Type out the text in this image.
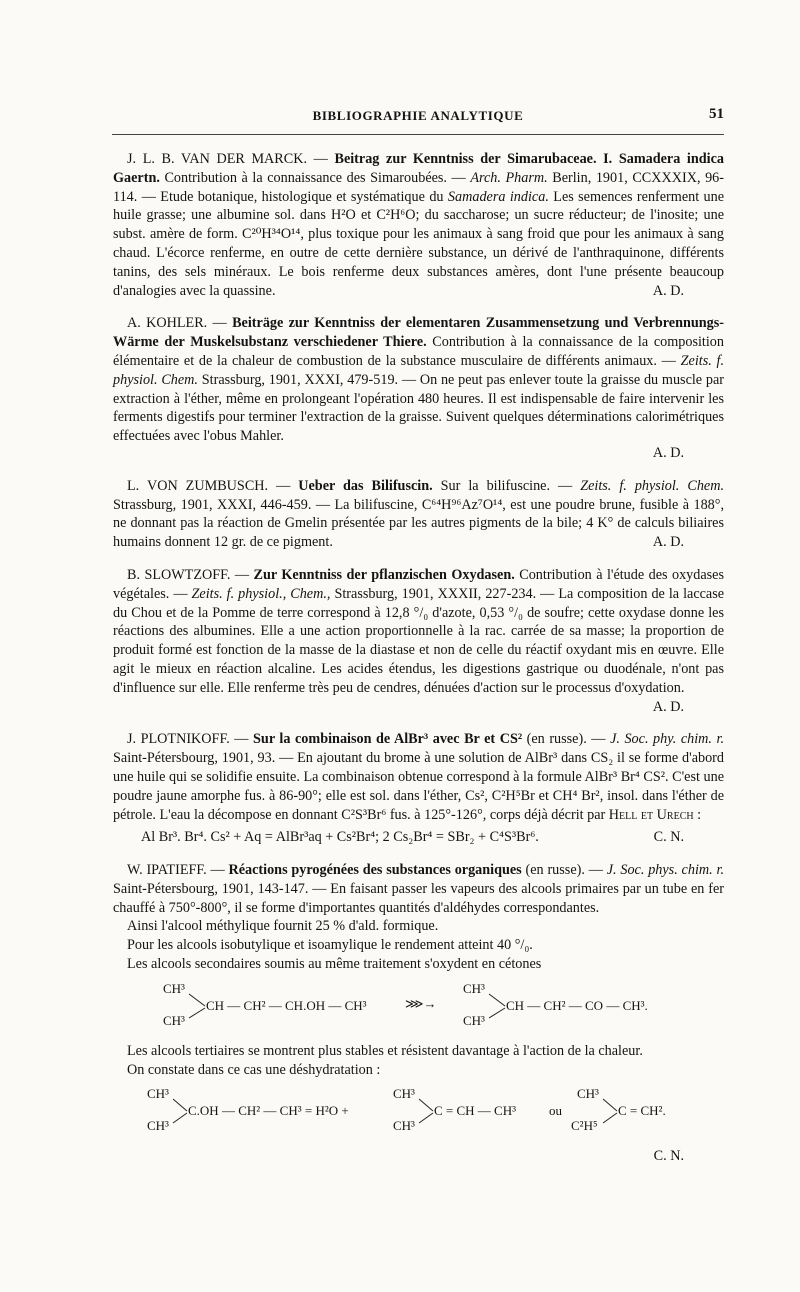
BIBLIOGRAPHIE ANALYTIQUE	51
J. L. B. VAN DER MARCK. — Beitrag zur Kenntniss der Simarubaceae. I. Samadera indica Gaertn. Contribution à la connaissance des Simaroubées. — Arch. Pharm. Berlin, 1901, CCXXXIX, 96-114. — Etude botanique, histologique et systématique du Samadera indica. Les semences renferment une huile grasse; une albumine sol. dans H²O et C²H⁶O; du saccharose; un sucre réducteur; de l'inosite; une subst. amère de form. C²⁰H³⁴O¹⁴, plus toxique pour les animaux à sang froid que pour les animaux à sang chaud. L'écorce renferme, en outre de cette dernière substance, un dérivé de l'anthraquinone, différents tanins, des sels minéraux. Le bois renferme deux substances amères, dont l'une présente beaucoup d'analogies avec la quassine.	A. D.
A. KOHLER. — Beiträge zur Kenntniss der elementaren Zusammensetzung und Verbrennungs-Wärme der Muskelsubstanz verschiedener Thiere. Contribution à la connaissance de la composition élémentaire et de la chaleur de combustion de la substance musculaire de différents animaux. — Zeits. f. physiol. Chem. Strassburg, 1901, XXXI, 479-519. — On ne peut pas enlever toute la graisse du muscle par extraction à l'éther, même en prolongeant l'opération 480 heures. Il est indispensable de faire intervenir les ferments digestifs pour terminer l'extraction de la graisse. Suivent quelques déterminations calorimétriques effectuées avec l'obus Mahler.
A. D.
L. VON ZUMBUSCH. — Ueber das Bilifuscin. Sur la bilifuscine. — Zeits. f. physiol. Chem. Strassburg, 1901, XXXI, 446-459. — La bilifuscine, C⁶⁴H⁹⁶Az⁷O¹⁴, est une poudre brune, fusible à 188°, ne donnant pas la réaction de Gmelin présentée par les autres pigments de la bile; 4 K° de calculs biliaires humains donnent 12 gr. de ce pigment.	A. D.
B. SLOWTZOFF. — Zur Kenntniss der pflanzischen Oxydasen. Contribution à l'étude des oxydases végétales. — Zeits. f. physiol., Chem., Strassburg, 1901, XXXII, 227-234. — La composition de la laccase du Chou et de la Pomme de terre correspond à 12,8 °/₀ d'azote, 0,53 °/₀ de soufre; cette oxydase donne les réactions des albumines. Elle a une action proportionnelle à la rac. carrée de sa masse; la proportion de produit formé est fonction de la masse de la diastase et non de celle du réactif oxydant mis en œuvre. Elle agit le mieux en réaction alcaline. Les acides étendus, les digestions gastrique ou duodénale, n'ont pas d'influence sur elle. Elle renferme très peu de cendres, dénuées d'action sur le processus d'oxydation.
A. D.
J. PLOTNIKOFF. — Sur la combinaison de AlBr³ avec Br et CS² (en russe). — J. Soc. phy. chim. r. Saint-Pétersbourg, 1901, 93. — En ajoutant du brome à une solution de AlBr³ dans CS₂ il se forme d'abord une huile qui se solidifie ensuite. La combinaison obtenue correspond à la formule AlBr³ Br⁴ CS². C'est une poudre jaune amorphe fus. à 86-90°; elle est sol. dans l'éther, Cs², C²H⁵Br et CH⁴ Br², insol. dans l'éther de pétrole. L'eau la décompose en donnant C²S³Br⁶ fus. à 125°-126°, corps déjà décrit par Hell et Urech :
Al Br³. Br⁴. Cs² + Aq = AlBr³aq + Cs²Br⁴; 2 Cs₂Br⁴ = SBr₂ + C⁴S³Br⁶.	C. N.
W. IPATIEFF. — Réactions pyrogénées des substances organiques (en russe). — J. Soc. phys. chim. r. Saint-Pétersbourg, 1901, 143-147. — En faisant passer les vapeurs des alcools primaires par un tube en fer chauffé à 750°-800°, il se forme d'importantes quantités d'aldéhydes correspondantes.

Ainsi l'alcool méthylique fournit 25 % d'ald. formique.

Pour les alcools isobutylique et isoamylique le rendement atteint 40 °/₀.

Les alcools secondaires soumis au même traitement s'oxydent en cétones

CH³
CH³
CH — CH² — CH.OH — CH³	⋙→
CH³
CH³
CH — CH² — CO — CH³.

Les alcools tertiaires se montrent plus stables et résistent davantage à l'action de la chaleur.

On constate dans ce cas une déshydratation :

CH³
CH³
C.OH — CH² — CH³ = H²O +
CH³
CH³
C = CH — CH³	ou
CH³
C²H⁵
C = CH².
C. N.
